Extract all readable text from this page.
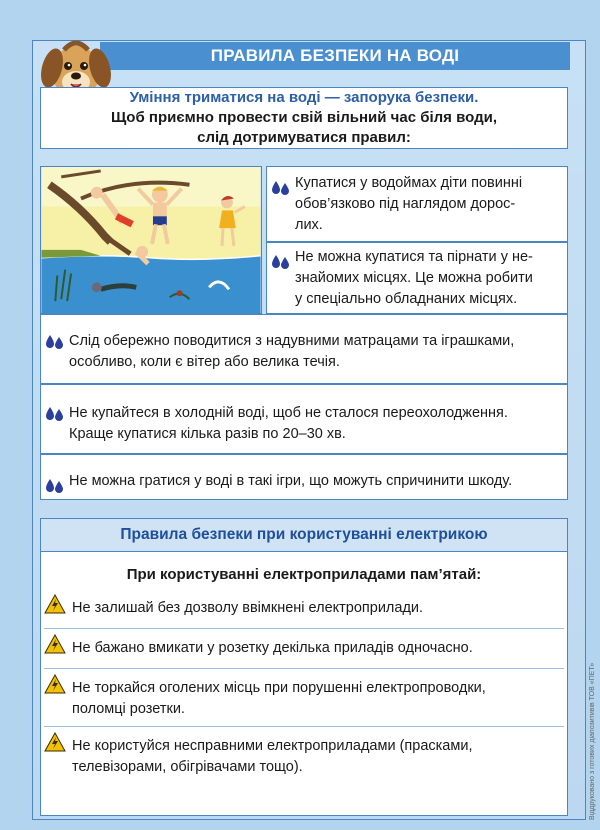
ПРАВИЛА БЕЗПЕКИ НА ВОДІ
Уміння триматися на воді — запорука безпеки.
Щоб приємно провести свій вільний час біля води,
слід дотримуватися правил:
Купатися у водоймах діти повинні
обов’язково під наглядом дорос-
лих.
Не можна купатися та пірнати у не-
знайомих місцях. Це можна робити
у спеціально обладнаних місцях.
Слід обережно поводитися з надувними матрацами та іграшками,
особливо, коли є вітер або велика течія.
Не купайтеся в холодній воді, щоб не сталося переохолодження.
Краще купатися кілька разів по 20–30 хв.
Не можна гратися у воді в такі ігри, що можуть спричинити шкоду.
Правила безпеки при користуванні електрикою
При користуванні електроприладами пам’ятай:
Не залишай без дозволу ввімкнені електроприлади.
Не бажано вмикати у розетку декілька приладів одночасно.
Не торкайся оголених місць при порушенні електропроводки,
поломці розетки.
Не користуйся несправними електроприладами (прасками,
телевізорами, обігрівачами тощо).	Віддруковано з готових діапозитивів ТОВ «ПЕТ»
